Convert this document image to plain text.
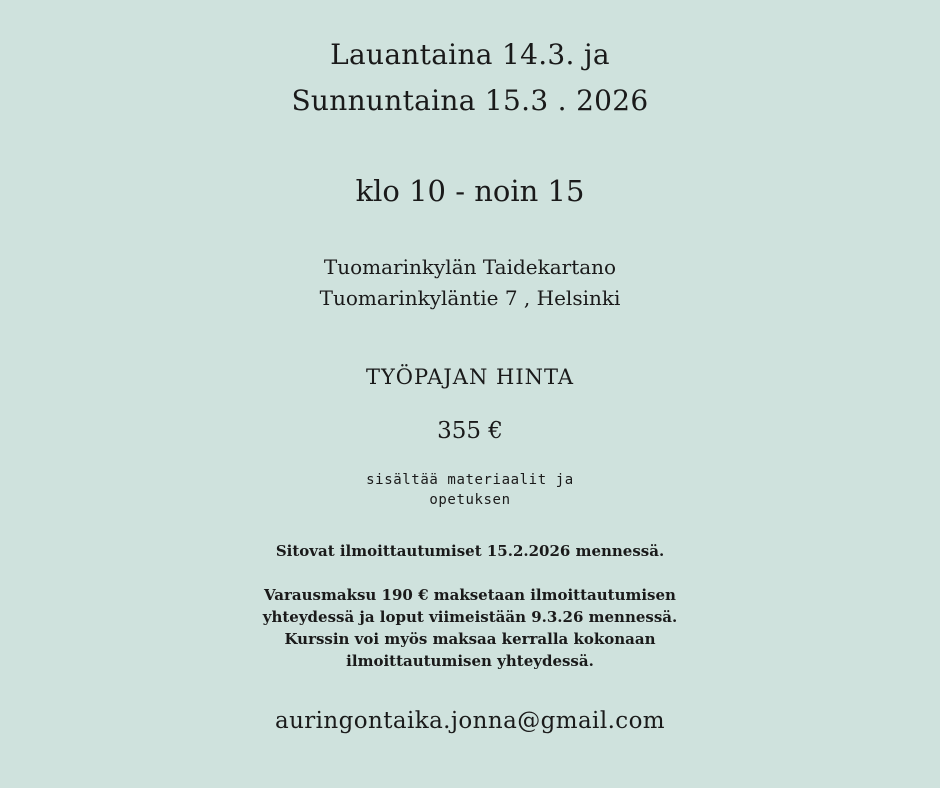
Lauantaina 14.3. ja

Sunnuntaina 15.3 . 2026

klo 10 - noin 15

Tuomarinkylän Taidekartano

Tuomarinkyläntie 7 , Helsinki

TYÖPAJAN HINTA

355 €

sisältää materiaalit ja

opetuksen

Sitovat ilmoittautumiset 15.2.2026 mennessä.

Varausmaksu 190 € maksetaan ilmoittautumisen

yhteydessä ja loput viimeistään 9.3.26 mennessä.

Kurssin voi myös maksaa kerralla kokonaan

ilmoittautumisen yhteydessä.

auringontaika.jonna@gmail.com
